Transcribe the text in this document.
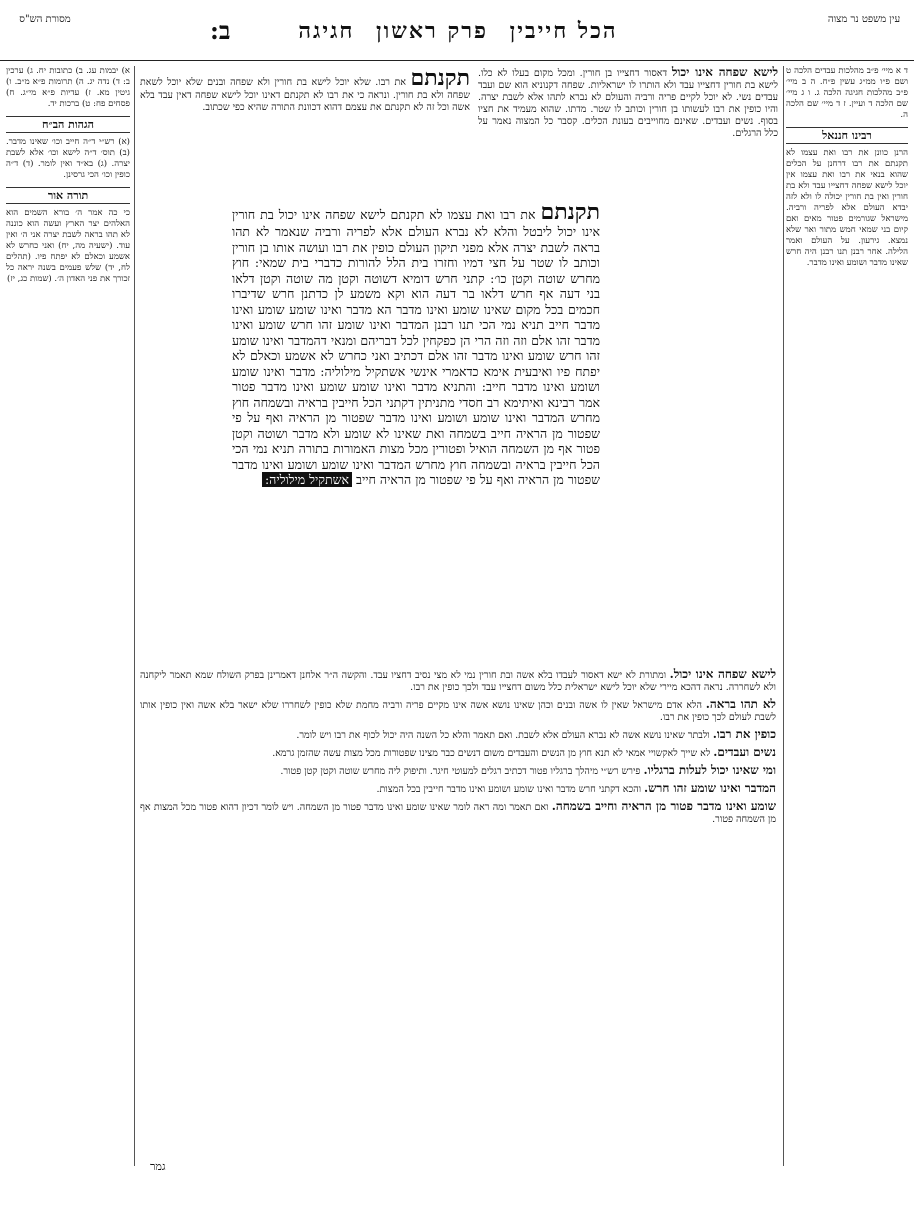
עין משפט נר מצוה
הכל חייבין פרק ראשון חגיגה
ב:
מסורת הש"ס

ד א מיי׳ פ״ב מהלכות עבדים הלכה ט ושם פ״ו ממ״ג עשין פ״ח. ה ב מיי׳ פ״ב מהלכות חגיגה הלכה ג. ו ג מיי׳ שם הלכה ד ועיין. ז ד מיי׳ שם הלכה ה.

רבינו חננאל

הרנן כוונן את רבו ואת עצמו לא תקנתם את רבו דרחנן על הכלים שהוא בנאי את רבו ואת עצמו אין יוכל לישא שפחה דחצייו עבד ולא בת חורין ואין בת חורין יכולה לו ולא לזה יבדא העולם אלא לפריה ורביה. מישראל שגורמים פטור מאים ואם קיום בני שמאי חמש מתור ואר שלא נמצא. גירעון. על העולם ואמר הלילה. אחר רבנן תנו רבנן היה חרש שאינו מדבר ושומע ואינו מדבר.

תקנתם את רבו. שלא יוכל לישא בת חורין ולא שפחה ובנים שלא יוכל לשאת שפחה ולא בת חורין. ונראה כי את רבו לא תקנתם דאינו יוכל לישא שפחה דאין עבד בלא אשה וכל זה לא תקנתם את עצמם דהוא דכוונת התורה שהיא כפי שכתוב.
לישא שפחה אינו יכול דאסור דחצייו בן חורין. ומכל מקום בעלו לא כלו. לישא בת חורין דחצייו עבד ולא הותרו לו ישראליות. שפחה דקנוניא הוא שם ועבד עבדים נשי. לא יוכל לקיים פריה ורביה והעולם לא נברא לתהו אלא לשבת יצרה. והיו כופין את רבו לעשותו בן חורין וכותב לו שטר. מדתו. שהוא מעמיד את חציו בסוף. נשים ועבדים. שאינם מחוייבים בעונת הכלים. קסבר כל המצוה נאמר על כלל הרגלים.
תקנתם את רבו ואת עצמו לא תקנתם לישא שפחה אינו יכול בת חורין אינו יכול ליבטל והלא לא נברא העולם אלא לפריה ורביה שנאמר לא תהו בראה לשבת יצרה אלא מפני תיקון העולם כופין את רבו ועושה אותו בן חורין וכותב לו שטר על חצי דמיו וחזרו בית הלל להורות כדברי בית שמאי: חוץ מחרש שוטה וקטן כו׳: קתני חרש דומיא דשוטה וקטן מה שוטה וקטן דלאו בני דעה אף חרש דלאו בר דעה הוא וקא משמע לן כדתנן חרש שדיברו חכמים בכל מקום שאינו שומע ואינו מדבר הא מדבר ואינו שומע שומע ואינו מדבר חייב תניא נמי הכי תנו רבנן המדבר ואינו שומע זהו חרש שומע ואינו מדבר זהו אלם וזה וזה הרי הן כפקחין לכל דבריהם ומנאי דהמדבר ואינו שומע זהו חרש שומע ואינו מדבר זהו אלם דכתיב ואני כחרש לא אשמע וכאלם לא יפתח פיו ואיבעית אימא כדאמרי אינשי אשתקיל מילוליה: מדבר ואינו שומע ושומע ואינו מדבר חייב: והתניא מדבר ואינו שומע שומע ואינו מדבר פטור אמר רבינא ואיתימא רב חסדי מתניתין דקתני הכל חייבין בראיה ובשמחה חוץ מחרש המדבר ואינו שומע ושומע ואינו מדבר שפטור מן הראיה ואף על פי שפטור מן הראיה חייב בשמחה ואת שאינו לא שומע ולא מדבר ושוטה וקטן פטור אף מן השמחה הואיל ופטורין מכל מצות האמורות בתורה תניא נמי הכי הכל חייבין בראיה ובשמחה חוץ מחרש המדבר ואינו שומע ושומע ואינו מדבר שפטור מן הראיה ואף על פי שפטור מן הראיה חייב אשתקיל מילוליה:

לישא שפחה אינו יכול. ומתורת לא ישא דאסור לעבדו בלא אשה ובת חורין נמי לא מצי נסיב דחציו עבד. והקשה ה״ר אלחנן דאמרינן בפרק השולח שמא תאמר ליקחנה ולא לשחררה. נראה דהכא מיירי שלא יוכל לישא ישראלית כלל משום דחצייו עבד ולכך כופין את רבו.

לא תהו בראה. הלא אדם מישראל שאין לו אשה ובנים וכהן שאינו נושא אשה אינו מקיים פריה ורביה מחמת שלא כופין לשחררו שלא ישאר בלא אשה ואין כופין אותו לשבת לעולם לכך כופין את רבו.

כופין את רבו. ולבתר שאינו נושא אשה לא נברא העולם אלא לשבת. ואם תאמר והלא כל השנה היה יכול לכוף את רבו ויש לומר.

נשים ועבדים. לא שייך לאקשויי אמאי לא תנא חוץ מן הנשים והעבדים משום דנשים כבר מצינו שפטורות מכל מצות עשה שהזמן גרמא.

ומי שאינו יכול לעלות ברגליו. פירש רש״י מיהלך ברגליו פטור דכתיב רגלים למעוטי חיגר. ותיפוק ליה מחרש שוטה וקטן קטן פטור.

המדבר ואינו שומע זהו חרש. והכא דקתני חרש מדבר ואינו שומע ושומע ואינו מדבר חייבין בכל המצות.

שומע ואינו מדבר פטור מן הראיה וחייב בשמחה. ואם תאמר ומה ראה לומר שאינו שומע ואינו מדבר פטור מן השמחה. ויש לומר דכיון דהוא פטור מכל המצות אף מן השמחה פטור.

גמר

א) יבמות עג. ב) כתובות יח. ג) ערכין ב: ד) נדה יג. ה) תרומות פ״א מ״ב. ו) גיטין מא. ז) עדיות פ״א מי״ג. ח) פסחים פח: ט) ברכות יד.

הגהות הב״ח

(א) רש״י ד״ה חייב וכו׳ שאינו מדבר. (ב) תוס׳ ד״ה לישא וכו׳ אלא לשבת יצרה. (ג) בא״ד ואין לומר. (ד) ד״ה כופין וכו׳ הכי גרסינן.

תורה אור

כי כה אמר ה׳ בורא השמים הוא האלהים יצר הארץ ועשה הוא כוננה לא תהו בראה לשבת יצרה אני ה׳ ואין עוד. (ישעיה מה, יח) ואני כחרש לא אשמע וכאלם לא יפתח פיו. (תהלים לח, יד) שלש פעמים בשנה יראה כל זכורך את פני האדון ה׳. (שמות כג, יז)
